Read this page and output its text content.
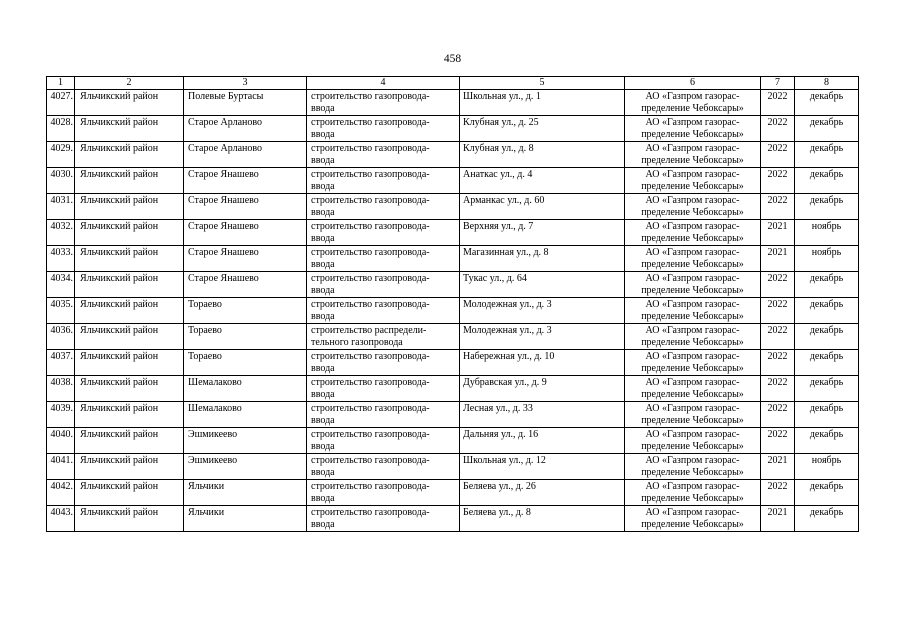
458
1	2	3	4	5	6	7	8
4027.	Яльчикский район	Полевые Буртасы	строительство газопровода-
ввода	Школьная ул., д. 1	АО «Газпром газорас-
пределение Чебоксары»	2022	декабрь
4028.	Яльчикский район	Старое Арланово	строительство газопровода-
ввода	Клубная ул., д. 25	АО «Газпром газорас-
пределение Чебоксары»	2022	декабрь
4029.	Яльчикский район	Старое Арланово	строительство газопровода-
ввода	Клубная ул., д. 8	АО «Газпром газорас-
пределение Чебоксары»	2022	декабрь
4030.	Яльчикский район	Старое Янашево	строительство газопровода-
ввода	Анаткас ул., д. 4	АО «Газпром газорас-
пределение Чебоксары»	2022	декабрь
4031.	Яльчикский район	Старое Янашево	строительство газопровода-
ввода	Арманкас ул., д. 60	АО «Газпром газорас-
пределение Чебоксары»	2022	декабрь
4032.	Яльчикский район	Старое Янашево	строительство газопровода-
ввода	Верхняя ул., д. 7	АО «Газпром газорас-
пределение Чебоксары»	2021	ноябрь
4033.	Яльчикский район	Старое Янашево	строительство газопровода-
ввода	Магазинная ул., д. 8	АО «Газпром газорас-
пределение Чебоксары»	2021	ноябрь
4034.	Яльчикский район	Старое Янашево	строительство газопровода-
ввода	Тукас ул., д. 64	АО «Газпром газорас-
пределение Чебоксары»	2022	декабрь
4035.	Яльчикский район	Тораево	строительство газопровода-
ввода	Молодежная ул., д. 3	АО «Газпром газорас-
пределение Чебоксары»	2022	декабрь
4036.	Яльчикский район	Тораево	строительство распредели-
тельного газопровода	Молодежная ул., д. 3	АО «Газпром газорас-
пределение Чебоксары»	2022	декабрь
4037.	Яльчикский район	Тораево	строительство газопровода-
ввода	Набережная ул., д. 10	АО «Газпром газорас-
пределение Чебоксары»	2022	декабрь
4038.	Яльчикский район	Шемалаково	строительство газопровода-
ввода	Дубравская ул., д. 9	АО «Газпром газорас-
пределение Чебоксары»	2022	декабрь
4039.	Яльчикский район	Шемалаково	строительство газопровода-
ввода	Лесная ул., д. 33	АО «Газпром газорас-
пределение Чебоксары»	2022	декабрь
4040.	Яльчикский район	Эшмикеево	строительство газопровода-
ввода	Дальняя ул., д. 16	АО «Газпром газорас-
пределение Чебоксары»	2022	декабрь
4041.	Яльчикский район	Эшмикеево	строительство газопровода-
ввода	Школьная ул., д. 12	АО «Газпром газорас-
пределение Чебоксары»	2021	ноябрь
4042.	Яльчикский район	Яльчики	строительство газопровода-
ввода	Беляева ул., д. 26	АО «Газпром газорас-
пределение Чебоксары»	2022	декабрь
4043.	Яльчикский район	Яльчики	строительство газопровода-
ввода	Беляева ул., д. 8	АО «Газпром газорас-
пределение Чебоксары»	2021	декабрь
